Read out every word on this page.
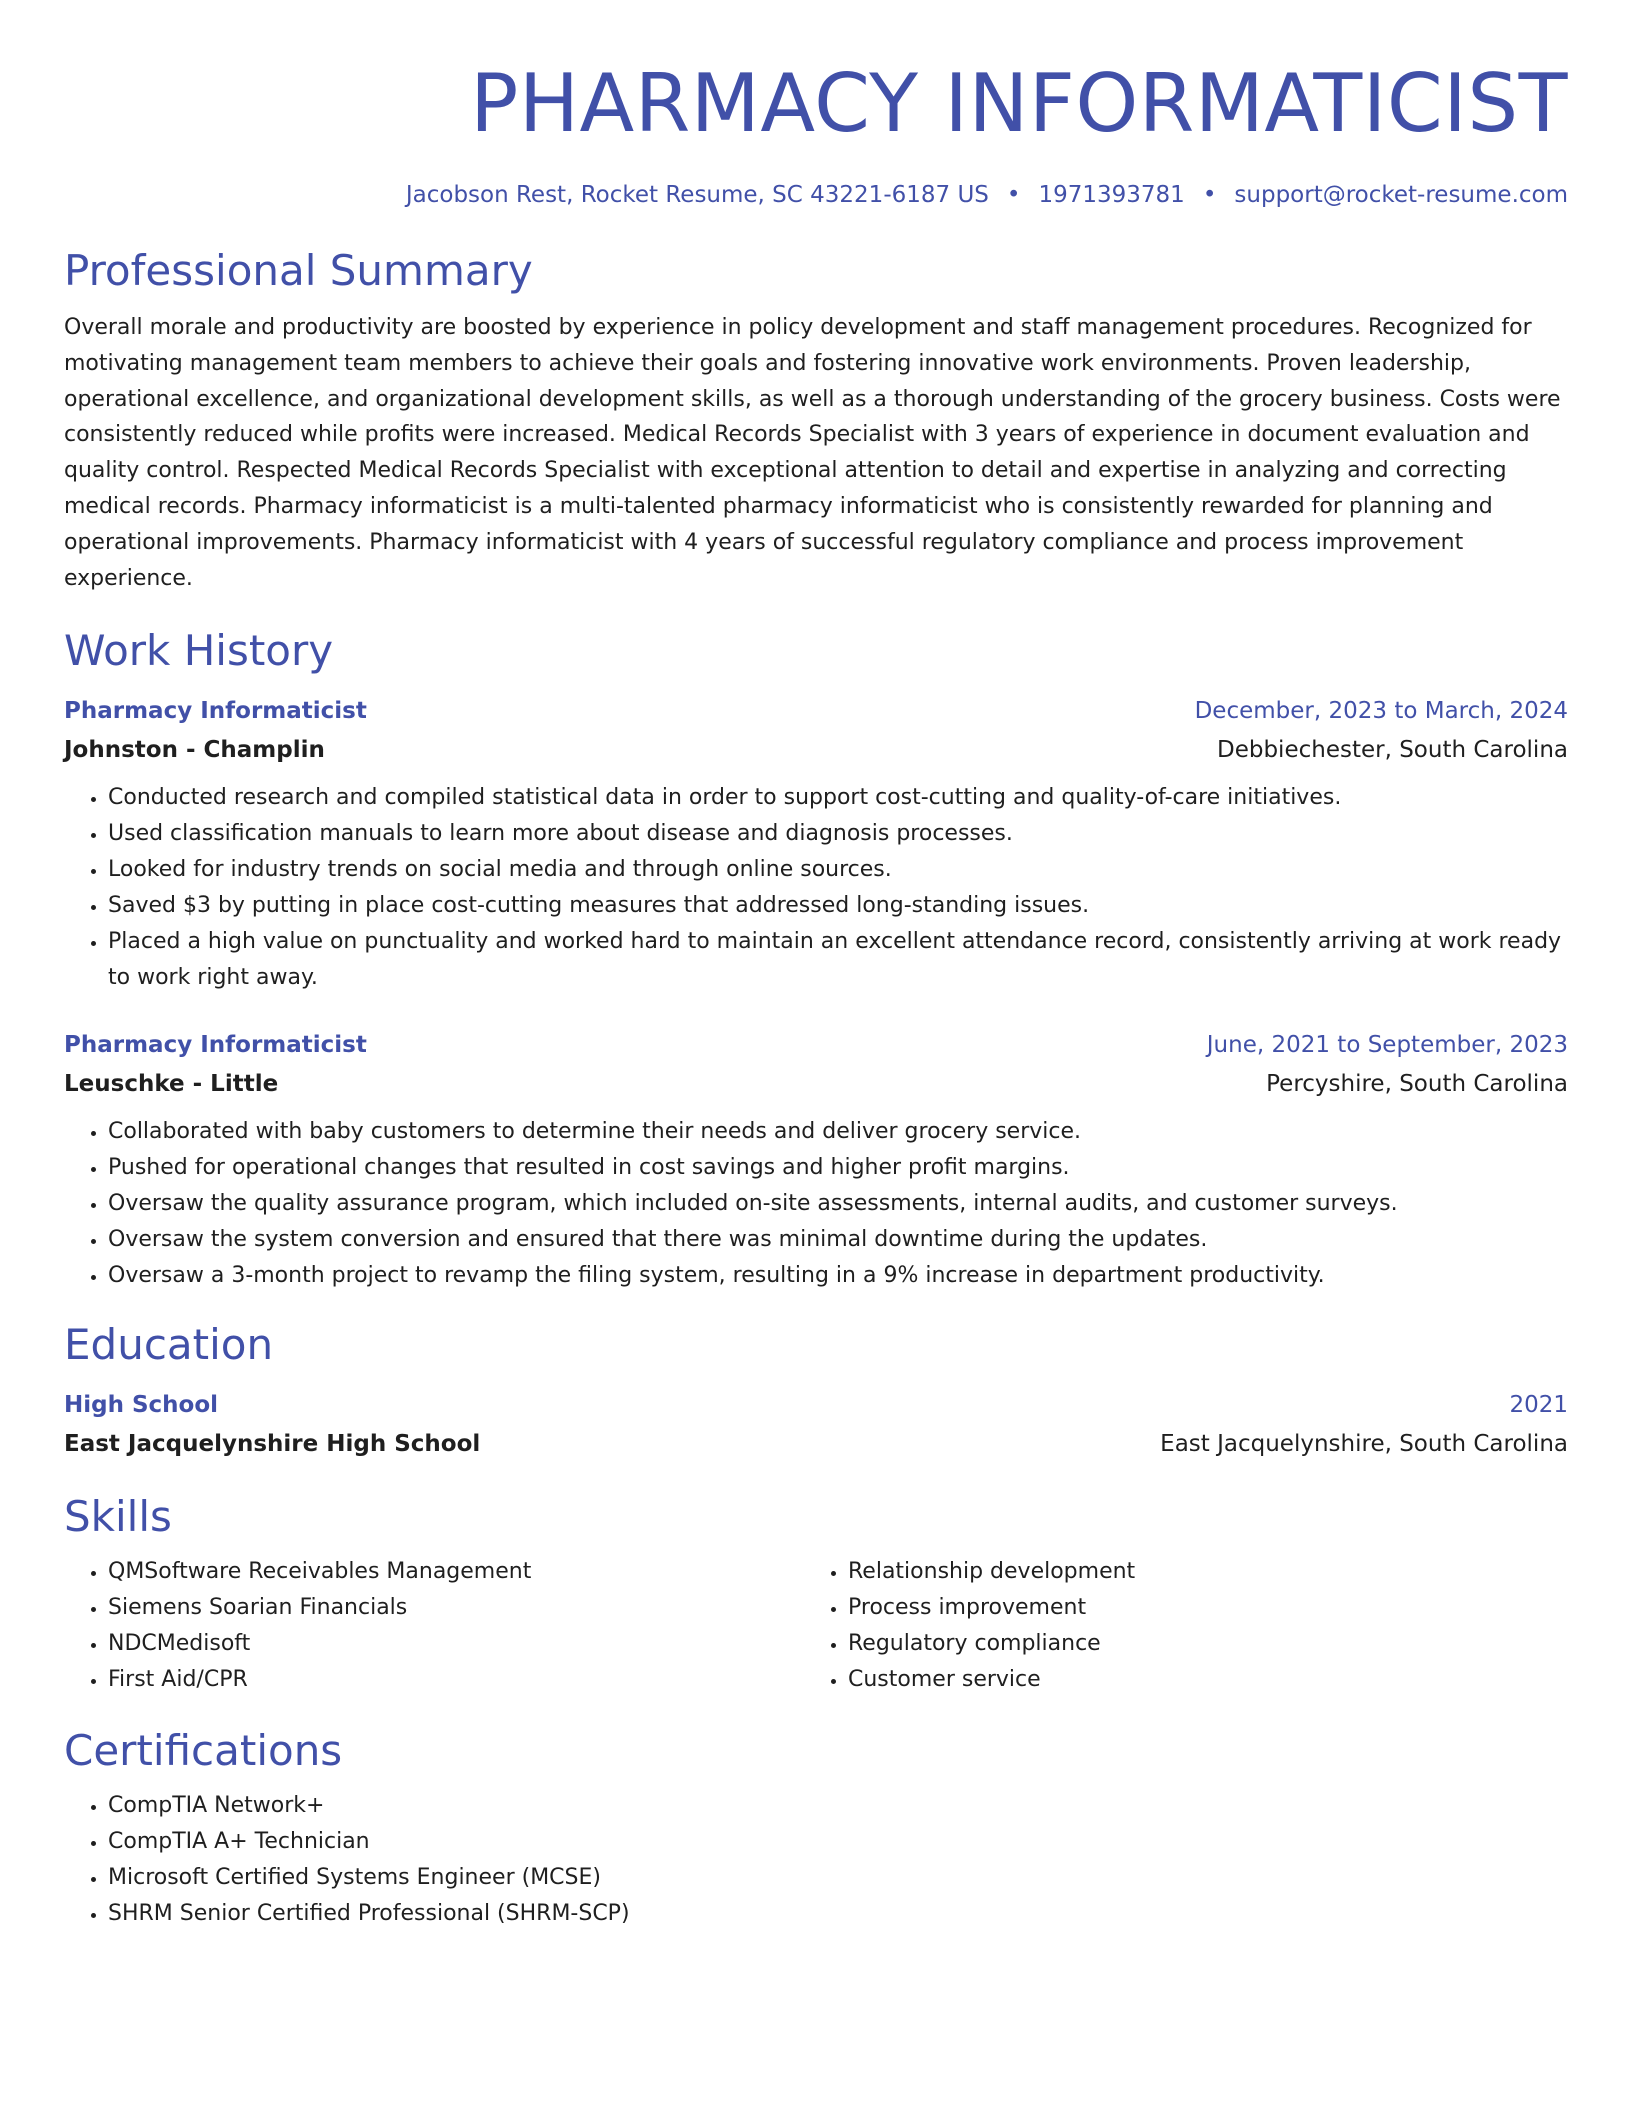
PHARMACY INFORMATICIST
Jacobson Rest, Rocket Resume, SC 43221-6187 US • 1971393781 • support@rocket-resume.com
Professional Summary

Overall morale and productivity are boosted by experience in policy development and staff management procedures. Recognized for motivating management team members to achieve their goals and fostering innovative work environments. Proven leadership, operational excellence, and organizational development skills, as well as a thorough understanding of the grocery business. Costs were consistently reduced while profits were increased. Medical Records Specialist with 3 years of experience in document evaluation and quality control. Respected Medical Records Specialist with exceptional attention to detail and expertise in analyzing and correcting medical records. Pharmacy informaticist is a multi-talented pharmacy informaticist who is consistently rewarded for planning and operational improvements. Pharmacy informaticist with 4 years of successful regulatory compliance and process improvement experience.

Work History
Pharmacy Informaticist	December, 2023 to March, 2024
Johnston - Champlin	Debbiechester, South Carolina
• Conducted research and compiled statistical data in order to support cost-cutting and quality-of-care initiatives.
• Used classification manuals to learn more about disease and diagnosis processes.
• Looked for industry trends on social media and through online sources.
• Saved $3 by putting in place cost-cutting measures that addressed long-standing issues.
• Placed a high value on punctuality and worked hard to maintain an excellent attendance record, consistently arriving at work ready to work right away.
Pharmacy Informaticist	June, 2021 to September, 2023
Leuschke - Little	Percyshire, South Carolina
• Collaborated with baby customers to determine their needs and deliver grocery service.
• Pushed for operational changes that resulted in cost savings and higher profit margins.
• Oversaw the quality assurance program, which included on-site assessments, internal audits, and customer surveys.
• Oversaw the system conversion and ensured that there was minimal downtime during the updates.
• Oversaw a 3-month project to revamp the filing system, resulting in a 9% increase in department productivity.
Education
High School	2021
East Jacquelynshire High School	East Jacquelynshire, South Carolina
Skills
• QMSoftware Receivables Management
• Siemens Soarian Financials
• NDCMedisoft
• First Aid/CPR
• Relationship development
• Process improvement
• Regulatory compliance
• Customer service
Certifications
• CompTIA Network+
• CompTIA A+ Technician
• Microsoft Certified Systems Engineer (MCSE)
• SHRM Senior Certified Professional (SHRM-SCP)
